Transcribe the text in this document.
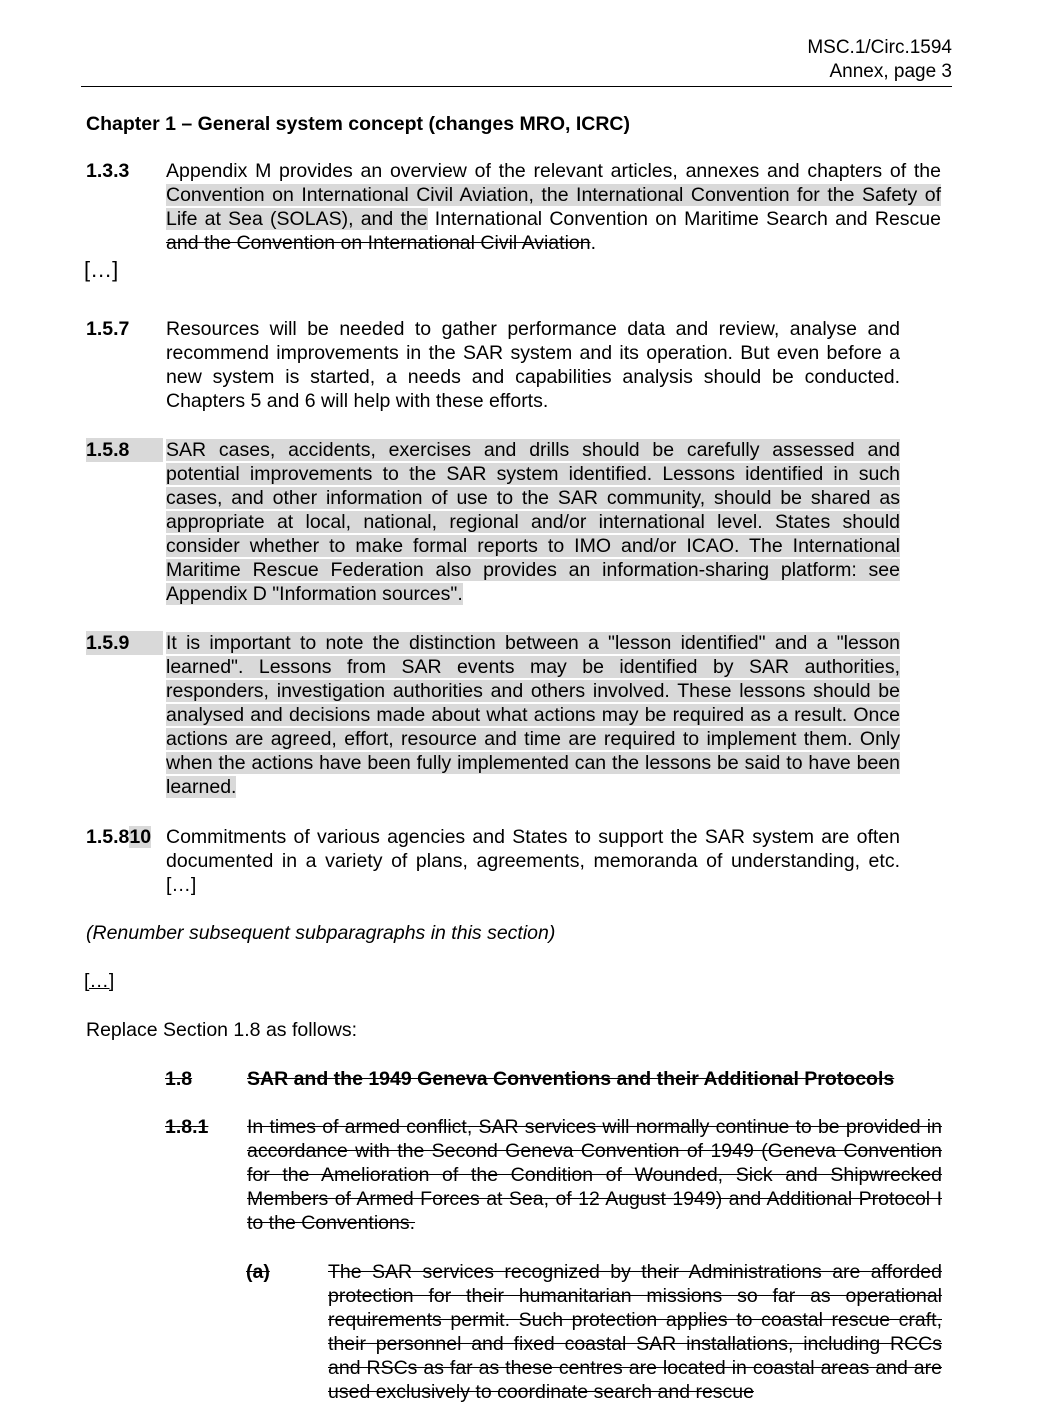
MSC.1/Circ.1594
Annex, page 3
Chapter 1 – General system concept (changes MRO, ICRC)
1.3.3 Appendix M provides an overview of the relevant articles, annexes and chapters of the Convention on International Civil Aviation, the International Convention for the Safety of Life at Sea (SOLAS), and the International Convention on Maritime Search and Rescue and the Convention on International Civil Aviation.
[…]
1.5.7 Resources will be needed to gather performance data and review, analyse and recommend improvements in the SAR system and its operation. But even before a new system is started, a needs and capabilities analysis should be conducted. Chapters 5 and 6 will help with these efforts.
1.5.8	SAR cases, accidents, exercises and drills should be carefully assessed and potential improvements to the SAR system identified. Lessons identified in such cases, and other information of use to the SAR community, should be shared as appropriate at local, national, regional and/or international level. States should consider whether to make formal reports to IMO and/or ICAO. The International Maritime Rescue Federation also provides an information-sharing platform: see Appendix D "Information sources".
1.5.9	It is important to note the distinction between a "lesson identified" and a "lesson learned". Lessons from SAR events may be identified by SAR authorities, responders, investigation authorities and others involved. These lessons should be analysed and decisions made about what actions may be required as a result. Once actions are agreed, effort, resource and time are required to implement them. Only when the actions have been fully implemented can the lessons be said to have been learned.
1.5.810 Commitments of various agencies and States to support the SAR system are often documented in a variety of plans, agreements, memoranda of understanding, etc. […]
(Renumber subsequent subparagraphs in this section)
[…]
Replace Section 1.8 as follows:
1.8	SAR and the 1949 Geneva Conventions and their Additional Protocols
1.8.1 In times of armed conflict, SAR services will normally continue to be provided in accordance with the Second Geneva Convention of 1949 (Geneva Convention for the Amelioration of the Condition of Wounded, Sick and Shipwrecked Members of Armed Forces at Sea, of 12 August 1949) and Additional Protocol I to the Conventions.
(a)	The SAR services recognized by their Administrations are afforded protection for their humanitarian missions so far as operational requirements permit. Such protection applies to coastal rescue craft, their personnel and fixed coastal SAR installations, including RCCs and RSCs as far as these centres are located in coastal areas and are used exclusively to coordinate search and rescue
